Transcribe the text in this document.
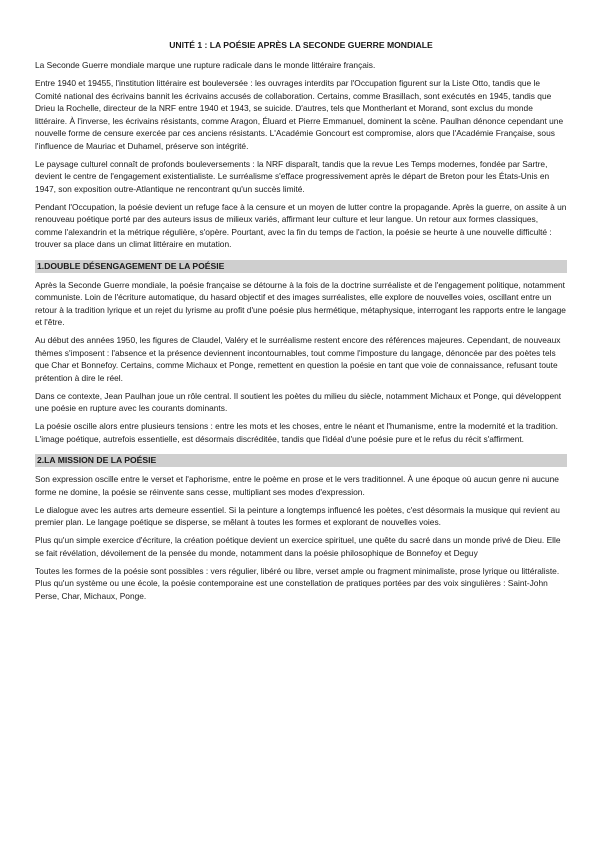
UNITÉ 1 : LA POÉSIE APRÈS LA SECONDE GUERRE MONDIALE

La Seconde Guerre mondiale marque une rupture radicale dans le monde littéraire français.

Entre 1940 et 19455, l'institution littéraire est bouleversée : les ouvrages interdits par l'Occupation figurent sur la Liste Otto, tandis que le Comité national des écrivains bannit les écrivains accusés de collaboration. Certains, comme Brasillach, sont exécutés en 1945, tandis que Drieu la Rochelle, directeur de la NRF entre 1940 et 1943, se suicide. D'autres, tels que Montherlant et Morand, sont exclus du monde littéraire. À l'inverse, les écrivains résistants, comme Aragon, Éluard et Pierre Emmanuel, dominent la scène. Paulhan dénonce cependant une nouvelle forme de censure exercée par ces anciens résistants. L'Académie Goncourt est compromise, alors que l'Académie Française, sous l'influence de Mauriac et Duhamel, préserve son intégrité.

Le paysage culturel connaît de profonds bouleversements : la NRF disparaît, tandis que la revue Les Temps modernes, fondée par Sartre, devient le centre de l'engagement existentialiste. Le surréalisme s'efface progressivement après le départ de Breton pour les États-Unis en 1947, son exposition outre-Atlantique ne rencontrant qu'un succès limité.

Pendant l'Occupation, la poésie devient un refuge face à la censure et un moyen de lutter contre la propagande. Après la guerre, on assite à un renouveau poétique porté par des auteurs issus de milieux variés, affirmant leur culture et leur langue. Un retour aux formes classiques, comme l'alexandrin et la métrique régulière, s'opère. Pourtant, avec la fin du temps de l'action, la poésie se heurte à une nouvelle difficulté : trouver sa place dans un climat littéraire en mutation.

1.DOUBLE DÉSENGAGEMENT DE LA POÉSIE

Après la Seconde Guerre mondiale, la poésie française se détourne à la fois de la doctrine surréaliste et de l'engagement politique, notamment communiste. Loin de l'écriture automatique, du hasard objectif et des images surréalistes, elle explore de nouvelles voies, oscillant entre un retour à la tradition lyrique et un rejet du lyrisme au profit d'une poésie plus hermétique, métaphysique, interrogant les rapports entre le langage et l'être.

Au début des années 1950, les figures de Claudel, Valéry et le surréalisme restent encore des références majeures. Cependant, de nouveaux thèmes s'imposent : l'absence et la présence deviennent incontournables, tout comme l'imposture du langage, dénoncée par des poètes tels que Char et Bonnefoy. Certains, comme Michaux et Ponge, remettent en question la poésie en tant que voie de connaissance, refusant toute prétention à dire le réel.

Dans ce contexte, Jean Paulhan joue un rôle central. Il soutient les poètes du milieu du siècle, notamment Michaux et Ponge, qui développent une poésie en rupture avec les courants dominants.

La poésie oscille alors entre plusieurs tensions : entre les mots et les choses, entre le néant et l'humanisme, entre la modernité et la tradition. L'image poétique, autrefois essentielle, est désormais discréditée, tandis que l'idéal d'une poésie pure et le refus du récit s'affirment.

2.LA MISSION DE LA POÉSIE

Son expression oscille entre le verset et l'aphorisme, entre le poème en prose et le vers traditionnel. À une époque où aucun genre ni aucune forme ne domine, la poésie se réinvente sans cesse, multipliant ses modes d'expression.

Le dialogue avec les autres arts demeure essentiel. Si la peinture a longtemps influencé les poètes, c'est désormais la musique qui revient au premier plan. Le langage poétique se disperse, se mêlant à toutes les formes et explorant de nouvelles voies.

Plus qu'un simple exercice d'écriture, la création poétique devient un exercice spirituel, une quête du sacré dans un monde privé de Dieu. Elle se fait révélation, dévoilement de la pensée du monde, notamment dans la poésie philosophique de Bonnefoy et Deguy

Toutes les formes de la poésie sont possibles : vers régulier, libéré ou libre, verset ample ou fragment minimaliste, prose lyrique ou littéraliste. Plus qu'un système ou une école, la poésie contemporaine est une constellation de pratiques portées par des voix singulières : Saint-John Perse, Char, Michaux, Ponge.
